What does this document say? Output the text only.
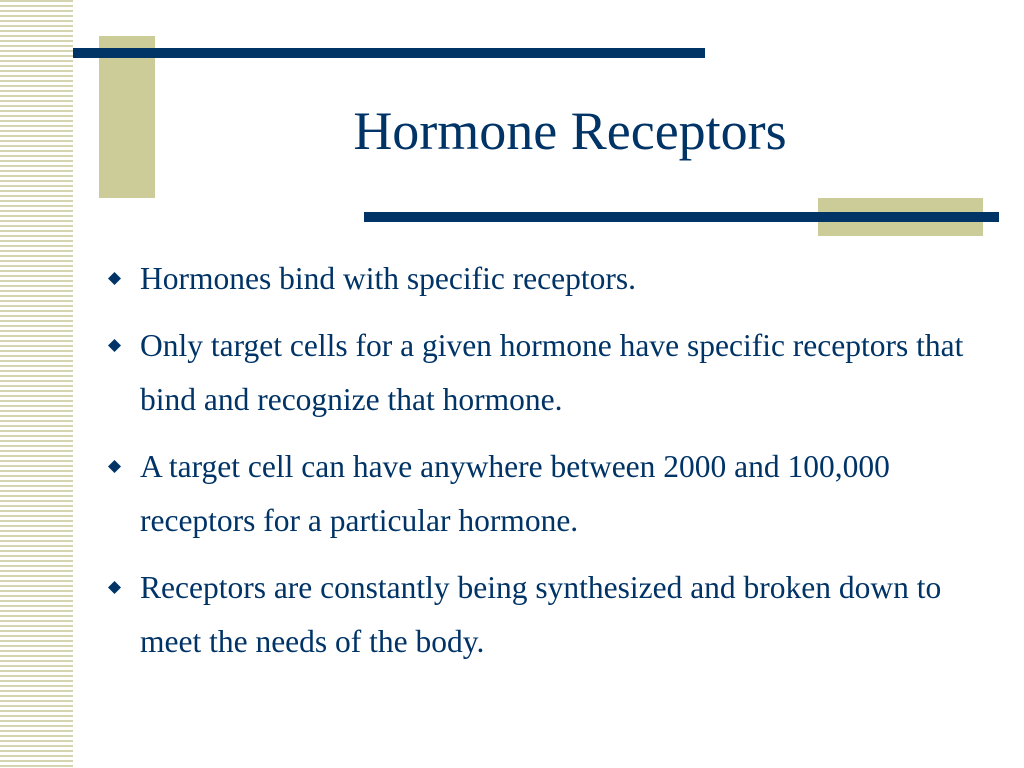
Hormone Receptors
Hormones bind with specific receptors.
Only target cells for a given hormone have specific receptors that bind and recognize that hormone.
A target cell can have anywhere between 2000 and 100,000 receptors for a particular hormone.
Receptors are constantly being synthesized and broken down to meet the needs of the body.
